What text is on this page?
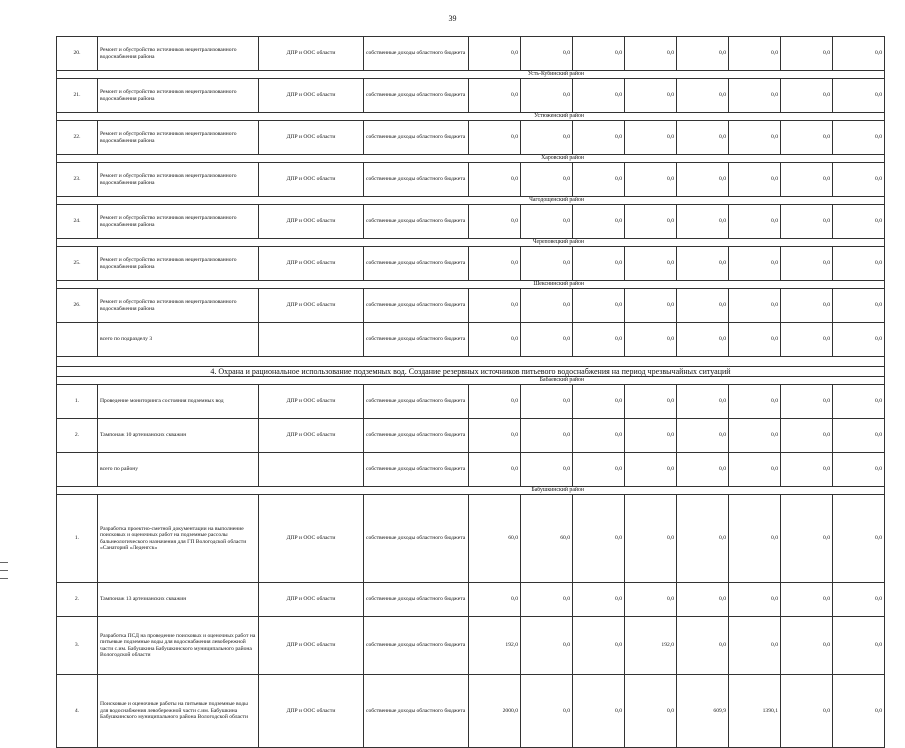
39
20.	Ремонт и обустройство источников нецентрализованного водоснабжения района	ДПР и ООС области	собственные доходы областного бюджета	0,0	0,0	0,0	0,0	0,0	0,0	0,0	0,0
Усть-Кубинский район											
21.	Ремонт и обустройство источников нецентрализованного водоснабжения района	ДПР и ООС области	собственные доходы областного бюджета	0,0	0,0	0,0	0,0	0,0	0,0	0,0	0,0
Устюженский район											
22.	Ремонт и обустройство источников нецентрализованного водоснабжения района	ДПР и ООС области	собственные доходы областного бюджета	0,0	0,0	0,0	0,0	0,0	0,0	0,0	0,0
Харовский район											
23.	Ремонт и обустройство источников нецентрализованного водоснабжения района	ДПР и ООС области	собственные доходы областного бюджета	0,0	0,0	0,0	0,0	0,0	0,0	0,0	0,0
Чагодощенский район											
24.	Ремонт и обустройство источников нецентрализованного водоснабжения района	ДПР и ООС области	собственные доходы областного бюджета	0,0	0,0	0,0	0,0	0,0	0,0	0,0	0,0
Череповецкий район											
25.	Ремонт и обустройство источников нецентрализованного водоснабжения района	ДПР и ООС области	собственные доходы областного бюджета	0,0	0,0	0,0	0,0	0,0	0,0	0,0	0,0
Шекснинский район											
26.	Ремонт и обустройство источников нецентрализованного водоснабжения района	ДПР и ООС области	собственные доходы областного бюджета	0,0	0,0	0,0	0,0	0,0	0,0	0,0	0,0
	всего по подразделу 3		собственные доходы областного бюджета	0,0	0,0	0,0	0,0	0,0	0,0	0,0	0,0

4. Охрана и рациональное использование подземных вод. Создание резервных источников питьевого водоснабжения на период чрезвычайных ситуаций											
Бабаевский район											
1.	Проведение мониторинга состояния подземных вод	ДПР и ООС области	собственные доходы областного бюджета	0,0	0,0	0,0	0,0	0,0	0,0	0,0	0,0
2.	Тампонаж 10 артезианских скважин	ДПР и ООС области	собственные доходы областного бюджета	0,0	0,0	0,0	0,0	0,0	0,0	0,0	0,0
	всего по району		собственные доходы областного бюджета	0,0	0,0	0,0	0,0	0,0	0,0	0,0	0,0
Бабушкинский район											
1.	Разработка проектно-сметной документации на выполнение поисковых и оценочных работ на подземные рассолы бальнеологического назначения для ГП Вологодской области «Санаторий «Леденгск»	ДПР и ООС области	собственные доходы областного бюджета	60,0	60,0	0,0	0,0	0,0	0,0	0,0	0,0
2.	Тампонаж 13 артезианских скважин	ДПР и ООС области	собственные доходы областного бюджета	0,0	0,0	0,0	0,0	0,0	0,0	0,0	0,0
3.	Разработка ПСД на проведение поисковых и оценочных работ на питьевые подземные воды для водоснабжения левобережной части с.им. Бабушкина Бабушкинского муниципального района Вологодской области	ДПР и ООС области	собственные доходы областного бюджета	192,0	0,0	0,0	192,0	0,0	0,0	0,0	0,0
4.	Поисковые и оценочные работы на питьевые подземные воды для водоснабжения левобережной части с.им. Бабушкина Бабушкинского муниципального района Вологодской области	ДПР и ООС области	собственные доходы областного бюджета	2000,0	0,0	0,0	0,0	609,9	1390,1	0,0	0,0
